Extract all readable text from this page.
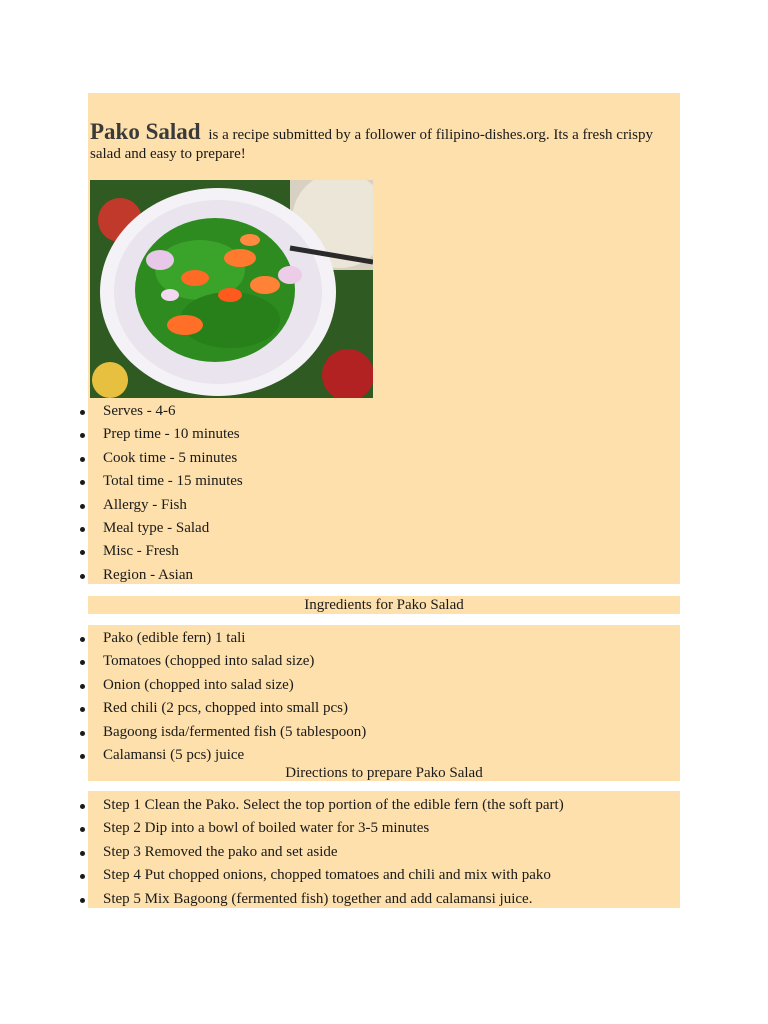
Pako Salad is a recipe submitted by a follower of filipino-dishes.org. Its a fresh crispy salad and easy to prepare!
Serves - 4-6
Prep time - 10 minutes
Cook time - 5 minutes
Total time - 15 minutes
Allergy - Fish
Meal type - Salad
Misc - Fresh
Region - Asian
Ingredients for Pako Salad
Pako (edible fern) 1 tali
Tomatoes (chopped into salad size)
Onion (chopped into salad size)
Red chili (2 pcs, chopped into small pcs)
Bagoong isda/fermented fish (5 tablespoon)
Calamansi (5 pcs) juice
Directions to prepare Pako Salad
Step 1 Clean the Pako. Select the top portion of the edible fern (the soft part)
Step 2 Dip into a bowl of boiled water for 3-5 minutes
Step 3 Removed the pako and set aside
Step 4 Put chopped onions, chopped tomatoes and chili and mix with pako
Step 5 Mix Bagoong (fermented fish) together and add calamansi juice.
